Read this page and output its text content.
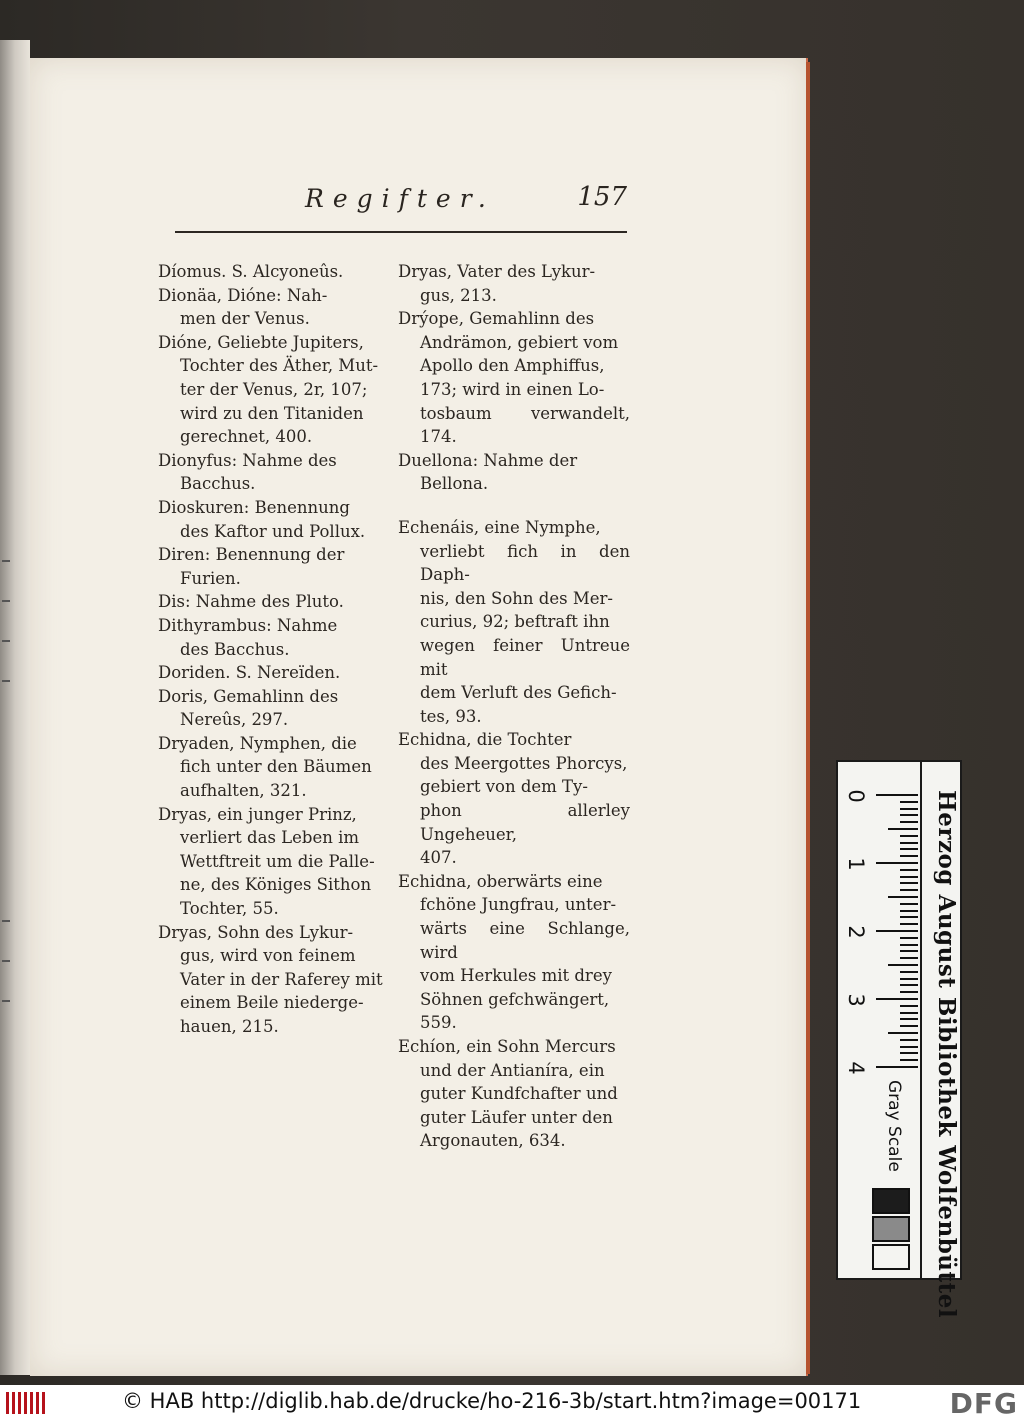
Regifter.	157
Díomus. S. Alcyoneûs.
Dionäa, Dióne: Nah-
men der Venus.
Dióne, Geliebte Jupiters,
Tochter des Äther, Mut-
ter der Venus, 2r, 107;
wird zu den Titaniden
gerechnet, 400.
Dionyfus: Nahme des
Bacchus.
Dioskuren: Benennung
des Kaftor und Pollux.
Diren: Benennung der
Furien.
Dis: Nahme des Pluto.
Dithyrambus: Nahme
des Bacchus.
Doriden. S. Nereïden.
Doris, Gemahlinn des
Nereûs, 297.
Dryaden, Nymphen, die
fich unter den Bäumen
aufhalten, 321.
Dryas, ein junger Prinz,
verliert das Leben im
Wettftreit um die Palle-
ne, des Königes Sithon
Tochter, 55.
Dryas, Sohn des Lykur-
gus, wird von feinem
Vater in der Raferey mit
einem Beile niederge-
hauen, 215.
Dryas, Vater des Lykur-
gus, 213.
Drýope, Gemahlinn des
Andrämon, gebiert vom
Apollo den Amphiffus,
173; wird in einen Lo-
tosbaum verwandelt, 174.
Duellona: Nahme der
Bellona.
Echenáis, eine Nymphe,
verliebt fich in den Daph-
nis, den Sohn des Mer-
curius, 92; beftraft ihn
wegen feiner Untreue mit
dem Verluft des Gefich-
tes, 93.
Echidna, die Tochter
des Meergottes Phorcys,
gebiert von dem Ty-
phon allerley Ungeheuer,
407.
Echidna, oberwärts eine
fchöne Jungfrau, unter-
wärts eine Schlange, wird
vom Herkules mit drey
Söhnen gefchwängert,
559.
Echíon, ein Sohn Mercurs
und der Antianíra, ein
guter Kundfchafter und
guter Läufer unter den
Argonauten, 634.
0
1
2
3
4
Gray Scale	Herzog August Bibliothek Wolfenbüttel
© HAB http://diglib.hab.de/drucke/ho-216-3b/start.htm?image=00171	DFG
